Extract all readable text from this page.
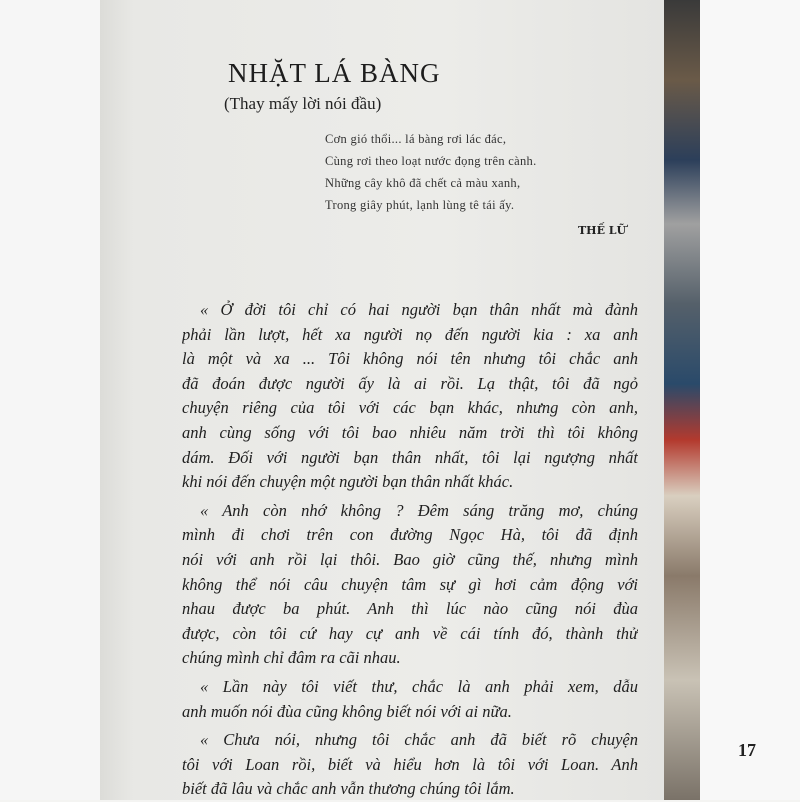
NHẶT LÁ BÀNG
(Thay mấy lời nói đầu)
Cơn gió thổi... lá bàng rơi lác đác,
Cùng rơi theo loạt nước đọng trên cành.
Những cây khô đã chết cả màu xanh,
Trong giây phút, lạnh lùng tê tái ấy.
THẾ LỮ
« Ở đời tôi chỉ có hai người bạn thân nhất mà đành
phải lần lượt, hết xa người nọ đến người kia : xa anh
là một và xa ... Tôi không nói tên nhưng tôi chắc anh
đã đoán được người ấy là ai rồi. Lạ thật, tôi đã ngỏ
chuyện riêng của tôi với các bạn khác, nhưng còn anh,
anh cùng sống với tôi bao nhiêu năm trời thì tôi không
dám. Đối với người bạn thân nhất, tôi lại ngượng nhất
khi nói đến chuyện một người bạn thân nhất khác.
« Anh còn nhớ không ? Đêm sáng trăng mơ, chúng
mình đi chơi trên con đường Ngọc Hà, tôi đã định
nói với anh rồi lại thôi. Bao giờ cũng thế, nhưng mình
không thể nói câu chuyện tâm sự gì hơi cảm động với
nhau được ba phút. Anh thì lúc nào cũng nói đùa
được, còn tôi cứ hay cự anh về cái tính đó, thành thử
chúng mình chỉ đâm ra cãi nhau.
« Lần này tôi viết thư, chắc là anh phải xem, dẫu
anh muốn nói đùa cũng không biết nói với ai nữa.
« Chưa nói, nhưng tôi chắc anh đã biết rõ chuyện
tôi với Loan rồi, biết và hiểu hơn là tôi với Loan. Anh
biết đã lâu và chắc anh vẫn thương chúng tôi lắm.
17
